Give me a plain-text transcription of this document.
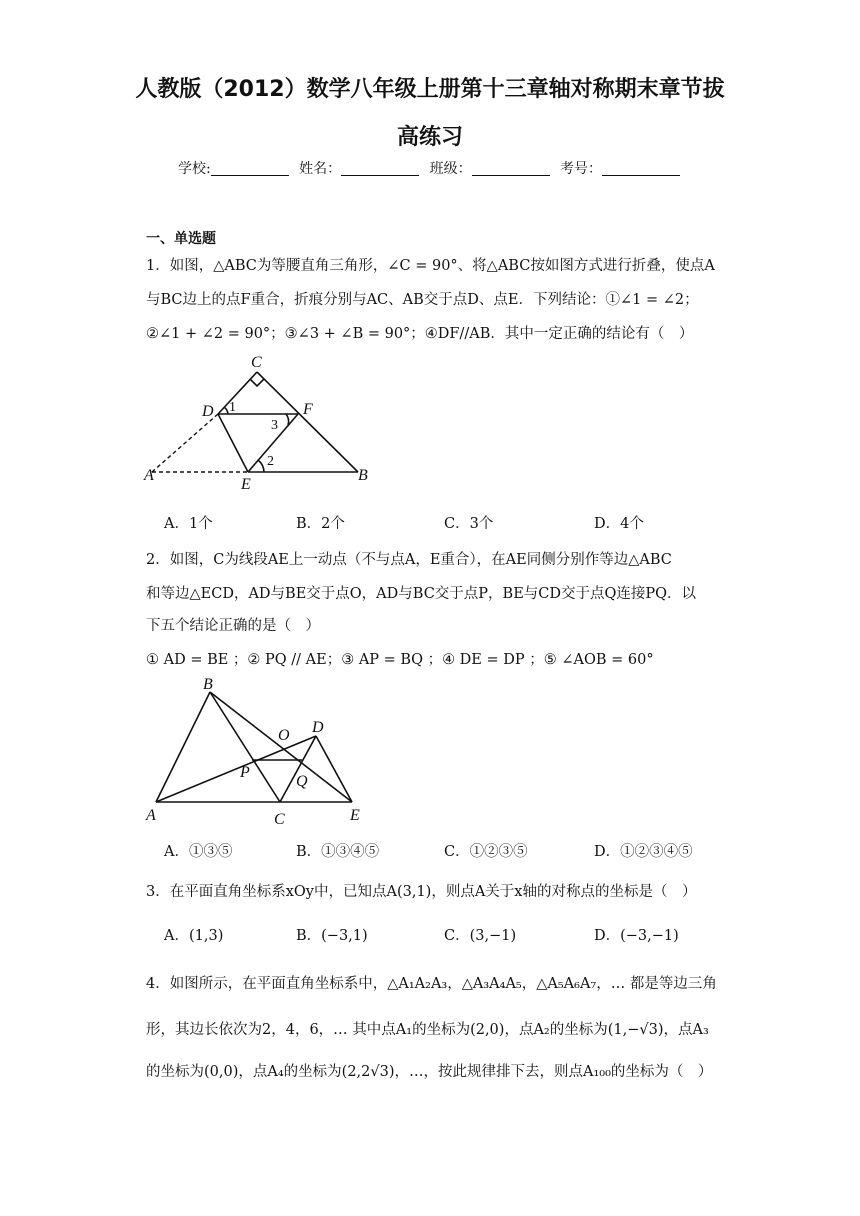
人教版（2012）数学八年级上册第十三章轴对称期末章节拔
高练习
学校:	姓名：	班级：	考号：
一、单选题
1．如图，△ABC为等腰直角三角形，∠C = 90°、将△ABC按如图方式进行折叠，使点A
与BC边上的点F重合，折痕分别与AC、AB交于点D、点E．下列结论：①∠1 = ∠2；
②∠1 + ∠2 = 90°；③∠3 + ∠B = 90°；④DF//AB．其中一定正确的结论有（　）
C
D	F
A
E
B
1
2
3
A．1个	B．2个	C．3个	D．4个
2．如图，C为线段AE上一动点（不与点A，E重合），在AE同侧分别作等边△ABC
和等边△ECD，AD与BE交于点O，AD与BC交于点P，BE与CD交于点Q连接PQ．以
下五个结论正确的是（　）
① AD = BE ；② PQ // AE；③ AP = BQ ；④ DE = DP ；⑤ ∠AOB = 60°
B
O D
P
Q
A	C	E
A．①③⑤	B．①③④⑤	C．①②③⑤	D．①②③④⑤
3．在平面直角坐标系xOy中，已知点A(3,1)，则点A关于x轴的对称点的坐标是（　）
A．(1,3)	B．(−3,1)	C．(3,−1)	D．(−3,−1)
4．如图所示，在平面直角坐标系中，△A₁A₂A₃，△A₃A₄A₅，△A₅A₆A₇，… 都是等边三角
形，其边长依次为2，4，6，… 其中点A₁的坐标为(2,0)，点A₂的坐标为(1,−√3)，点A₃
的坐标为(0,0)，点A₄的坐标为(2,2√3)，…，按此规律排下去，则点A₁₀₀的坐标为（　）
